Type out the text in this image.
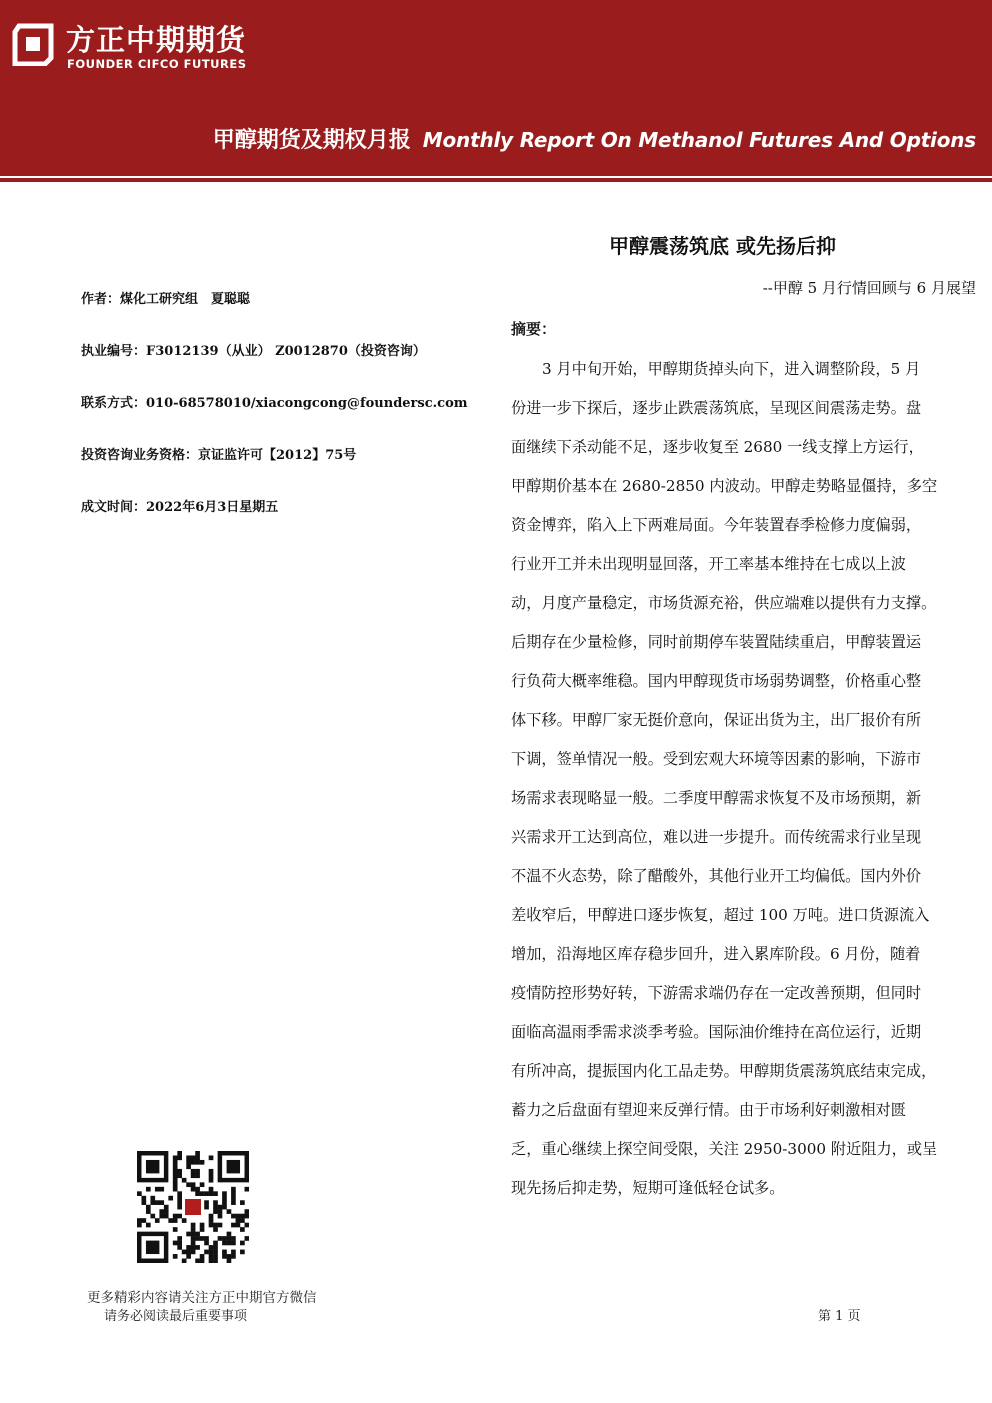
方正中期期货
FOUNDER CIFCO FUTURES
甲醇期货及期权月报 Monthly Report On Methanol Futures And Options
甲醇震荡筑底 或先扬后抑
--甲醇 5 月行情回顾与 6 月展望
作者：煤化工研究组　夏聪聪
执业编号：F3012139（从业） Z0012870（投资咨询）
联系方式：010-68578010/xiacongcong@foundersc.com
投资咨询业务资格：京证监许可【2012】75号
成文时间：2022年6月3日星期五
摘要：
3 月中旬开始，甲醇期货掉头向下，进入调整阶段，5 月
份进一步下探后，逐步止跌震荡筑底，呈现区间震荡走势。盘
面继续下杀动能不足，逐步收复至 2680 一线支撑上方运行，
甲醇期价基本在 2680-2850 内波动。甲醇走势略显僵持，多空
资金博弈，陷入上下两难局面。今年装置春季检修力度偏弱，
行业开工并未出现明显回落，开工率基本维持在七成以上波
动，月度产量稳定，市场货源充裕，供应端难以提供有力支撑。
后期存在少量检修，同时前期停车装置陆续重启，甲醇装置运
行负荷大概率维稳。国内甲醇现货市场弱势调整，价格重心整
体下移。甲醇厂家无挺价意向，保证出货为主，出厂报价有所
下调，签单情况一般。受到宏观大环境等因素的影响，下游市
场需求表现略显一般。二季度甲醇需求恢复不及市场预期，新
兴需求开工达到高位，难以进一步提升。而传统需求行业呈现
不温不火态势，除了醋酸外，其他行业开工均偏低。国内外价
差收窄后，甲醇进口逐步恢复，超过 100 万吨。进口货源流入
增加，沿海地区库存稳步回升，进入累库阶段。6 月份，随着
疫情防控形势好转，下游需求端仍存在一定改善预期，但同时
面临高温雨季需求淡季考验。国际油价维持在高位运行，近期
有所冲高，提振国内化工品走势。甲醇期货震荡筑底结束完成，
蓄力之后盘面有望迎来反弹行情。由于市场利好刺激相对匮
乏，重心继续上探空间受限，关注 2950-3000 附近阻力，或呈
现先扬后抑走势，短期可逢低轻仓试多。
更多精彩内容请关注方正中期官方微信
请务必阅读最后重要事项	第 1 页
